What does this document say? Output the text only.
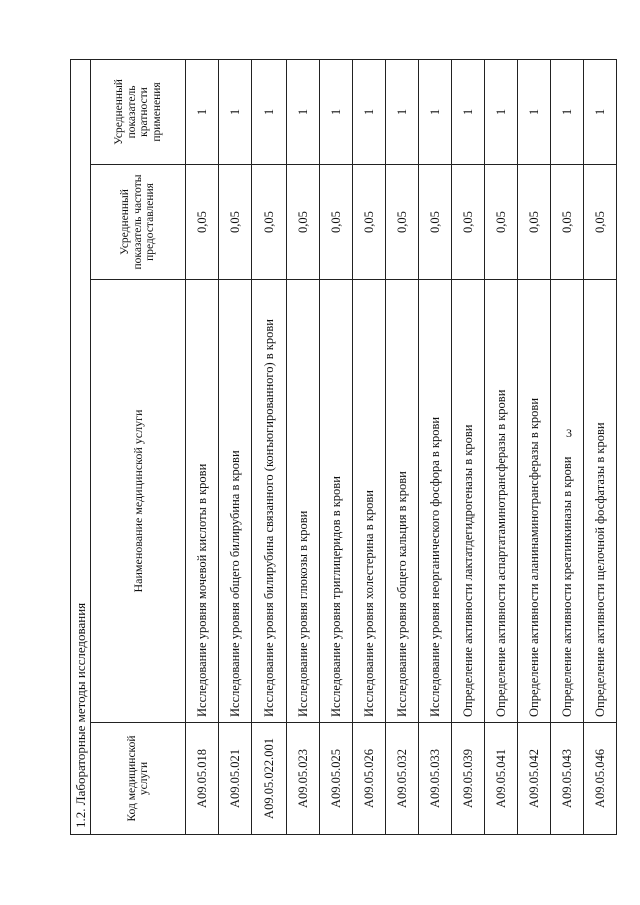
3
1.2. Лабораторные методы исследования			
Код медицинской услуги	Наименование медицинской услуги	Усредненный показатель частоты предоставления	Усредненный показатель кратности применения
A09.05.018	Исследование уровня мочевой кислоты в крови	0,05	1
A09.05.021	Исследование уровня общего билирубина в крови	0,05	1
A09.05.022.001	Исследование уровня билирубина связанного (конъюгированного) в крови	0,05	1
A09.05.023	Исследование уровня глюкозы в крови	0,05	1
A09.05.025	Исследование уровня триглицеридов в крови	0,05	1
A09.05.026	Исследование уровня холестерина в крови	0,05	1
A09.05.032	Исследование уровня общего кальция в крови	0,05	1
A09.05.033	Исследование уровня неорганического фосфора в крови	0,05	1
A09.05.039	Определение активности лактатдегидрогеназы в крови	0,05	1
A09.05.041	Определение активности аспартатаминотрансферазы в крови	0,05	1
A09.05.042	Определение активности аланинаминотрансферазы в крови	0,05	1
A09.05.043	Определение активности креатинкиназы в крови	0,05	1
A09.05.046	Определение активности щелочной фосфатазы в крови	0,05	1
